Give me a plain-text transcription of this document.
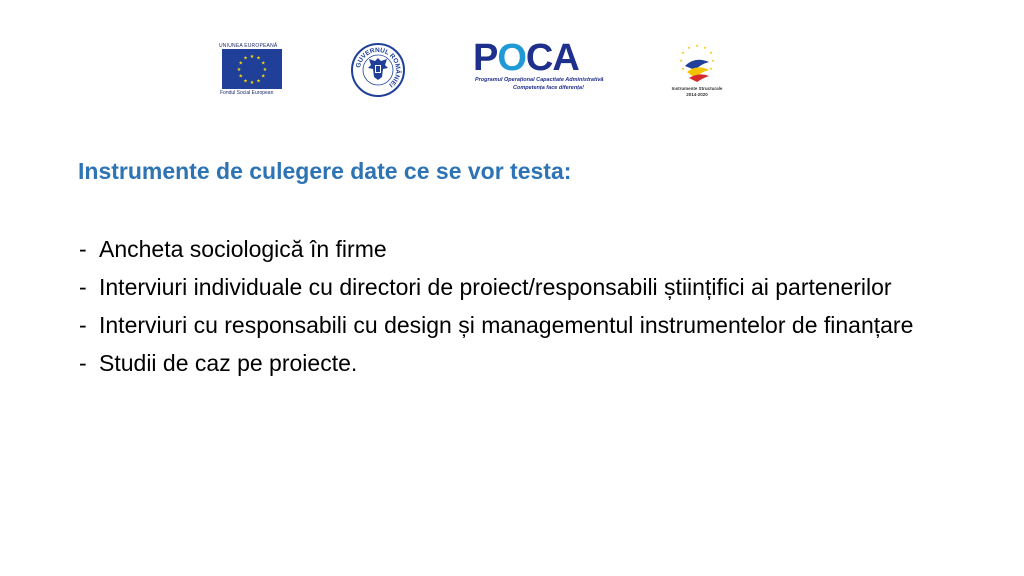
UNIUNEA EUROPEANĂ
★ ★
★
★
★
★
★
★
★
★
★
★
Fondul Social European
GUVERNUL ROMÂNIEI
POCA
Programul Operațional Capacitate Administrativă
Competența face diferența!
★ ★
★
★
★
★
★
★
★
Instrumente Structurale
2014-2020
Instrumente de culegere date ce se vor testa:
- Ancheta sociologică în firme
- Interviuri individuale cu directori de proiect/responsabili științifici ai partenerilor
- Interviuri cu responsabili cu design și managementul instrumentelor de finanțare
- Studii de caz pe proiecte.
